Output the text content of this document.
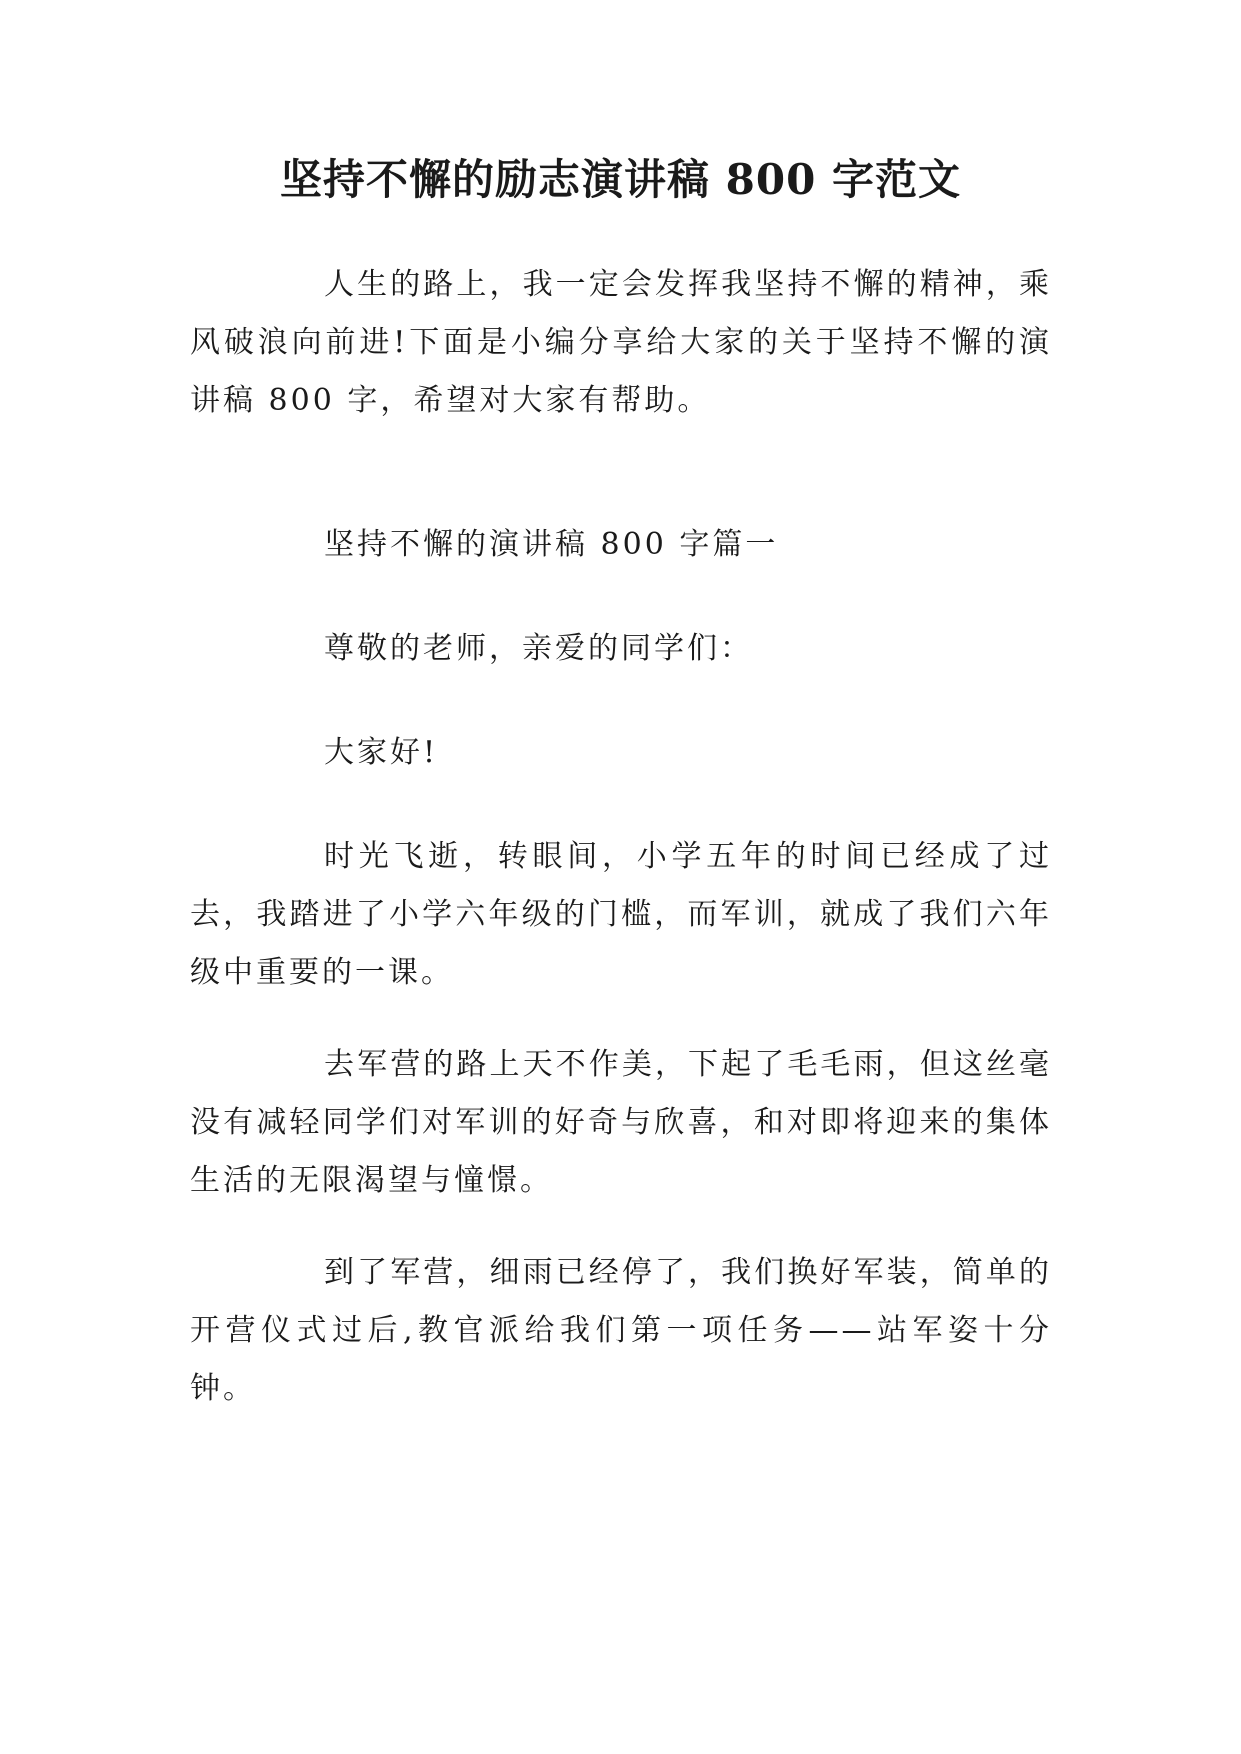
坚持不懈的励志演讲稿 800 字范文

人生的路上，我一定会发挥我坚持不懈的精神，乘风破浪向前进!下面是小编分享给大家的关于坚持不懈的演讲稿 800 字，希望对大家有帮助。

坚持不懈的演讲稿 800 字篇一

尊敬的老师，亲爱的同学们：

大家好!

时光飞逝，转眼间，小学五年的时间已经成了过去，我踏进了小学六年级的门槛，而军训，就成了我们六年级中重要的一课。

去军营的路上天不作美，下起了毛毛雨，但这丝毫没有减轻同学们对军训的好奇与欣喜，和对即将迎来的集体生活的无限渴望与憧憬。

到了军营，细雨已经停了，我们换好军装，简单的开营仪式过后,教官派给我们第一项任务——站军姿十分钟。
